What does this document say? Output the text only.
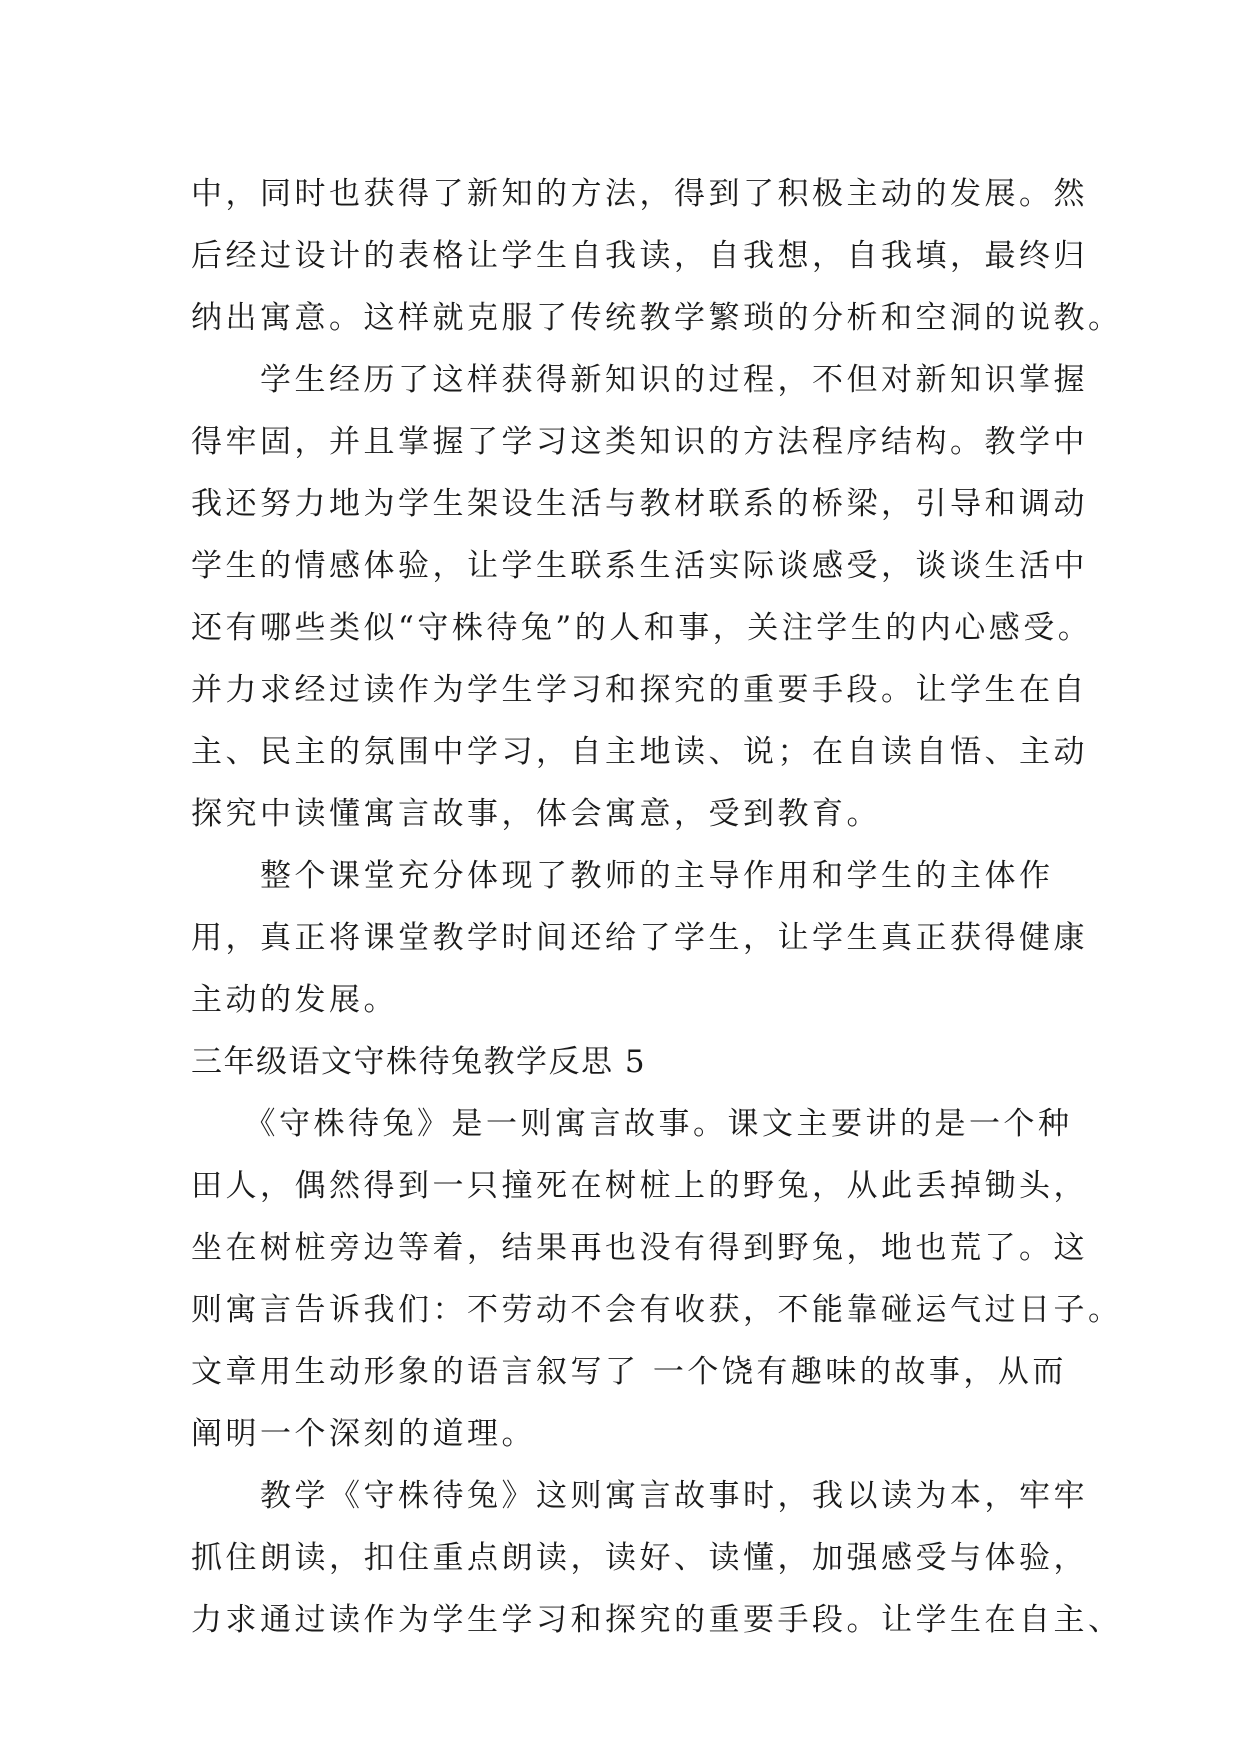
中，同时也获得了新知的方法，得到了积极主动的发展。然
后经过设计的表格让学生自我读，自我想，自我填，最终归
纳出寓意。这样就克服了传统教学繁琐的分析和空洞的说教。
　　学生经历了这样获得新知识的过程，不但对新知识掌握
得牢固，并且掌握了学习这类知识的方法程序结构。教学中
我还努力地为学生架设生活与教材联系的桥梁，引导和调动
学生的情感体验，让学生联系生活实际谈感受，谈谈生活中
还有哪些类似“守株待兔”的人和事，关注学生的内心感受。
并力求经过读作为学生学习和探究的重要手段。让学生在自
主、民主的氛围中学习，自主地读、说；在自读自悟、主动
探究中读懂寓言故事，体会寓意，受到教育。
　　整个课堂充分体现了教师的主导作用和学生的主体作
用，真正将课堂教学时间还给了学生，让学生真正获得健康
主动的发展。
三年级语文守株待兔教学反思 5
　　《守株待兔》是一则寓言故事。课文主要讲的是一个种
田人，偶然得到一只撞死在树桩上的野兔，从此丢掉锄头，
坐在树桩旁边等着，结果再也没有得到野兔，地也荒了。这
则寓言告诉我们：不劳动不会有收获，不能靠碰运气过日子。
文章用生动形象的语言叙写了 一个饶有趣味的故事，从而
阐明一个深刻的道理。
　　教学《守株待兔》这则寓言故事时，我以读为本，牢牢
抓住朗读，扣住重点朗读，读好、读懂，加强感受与体验，
力求通过读作为学生学习和探究的重要手段。让学生在自主、
